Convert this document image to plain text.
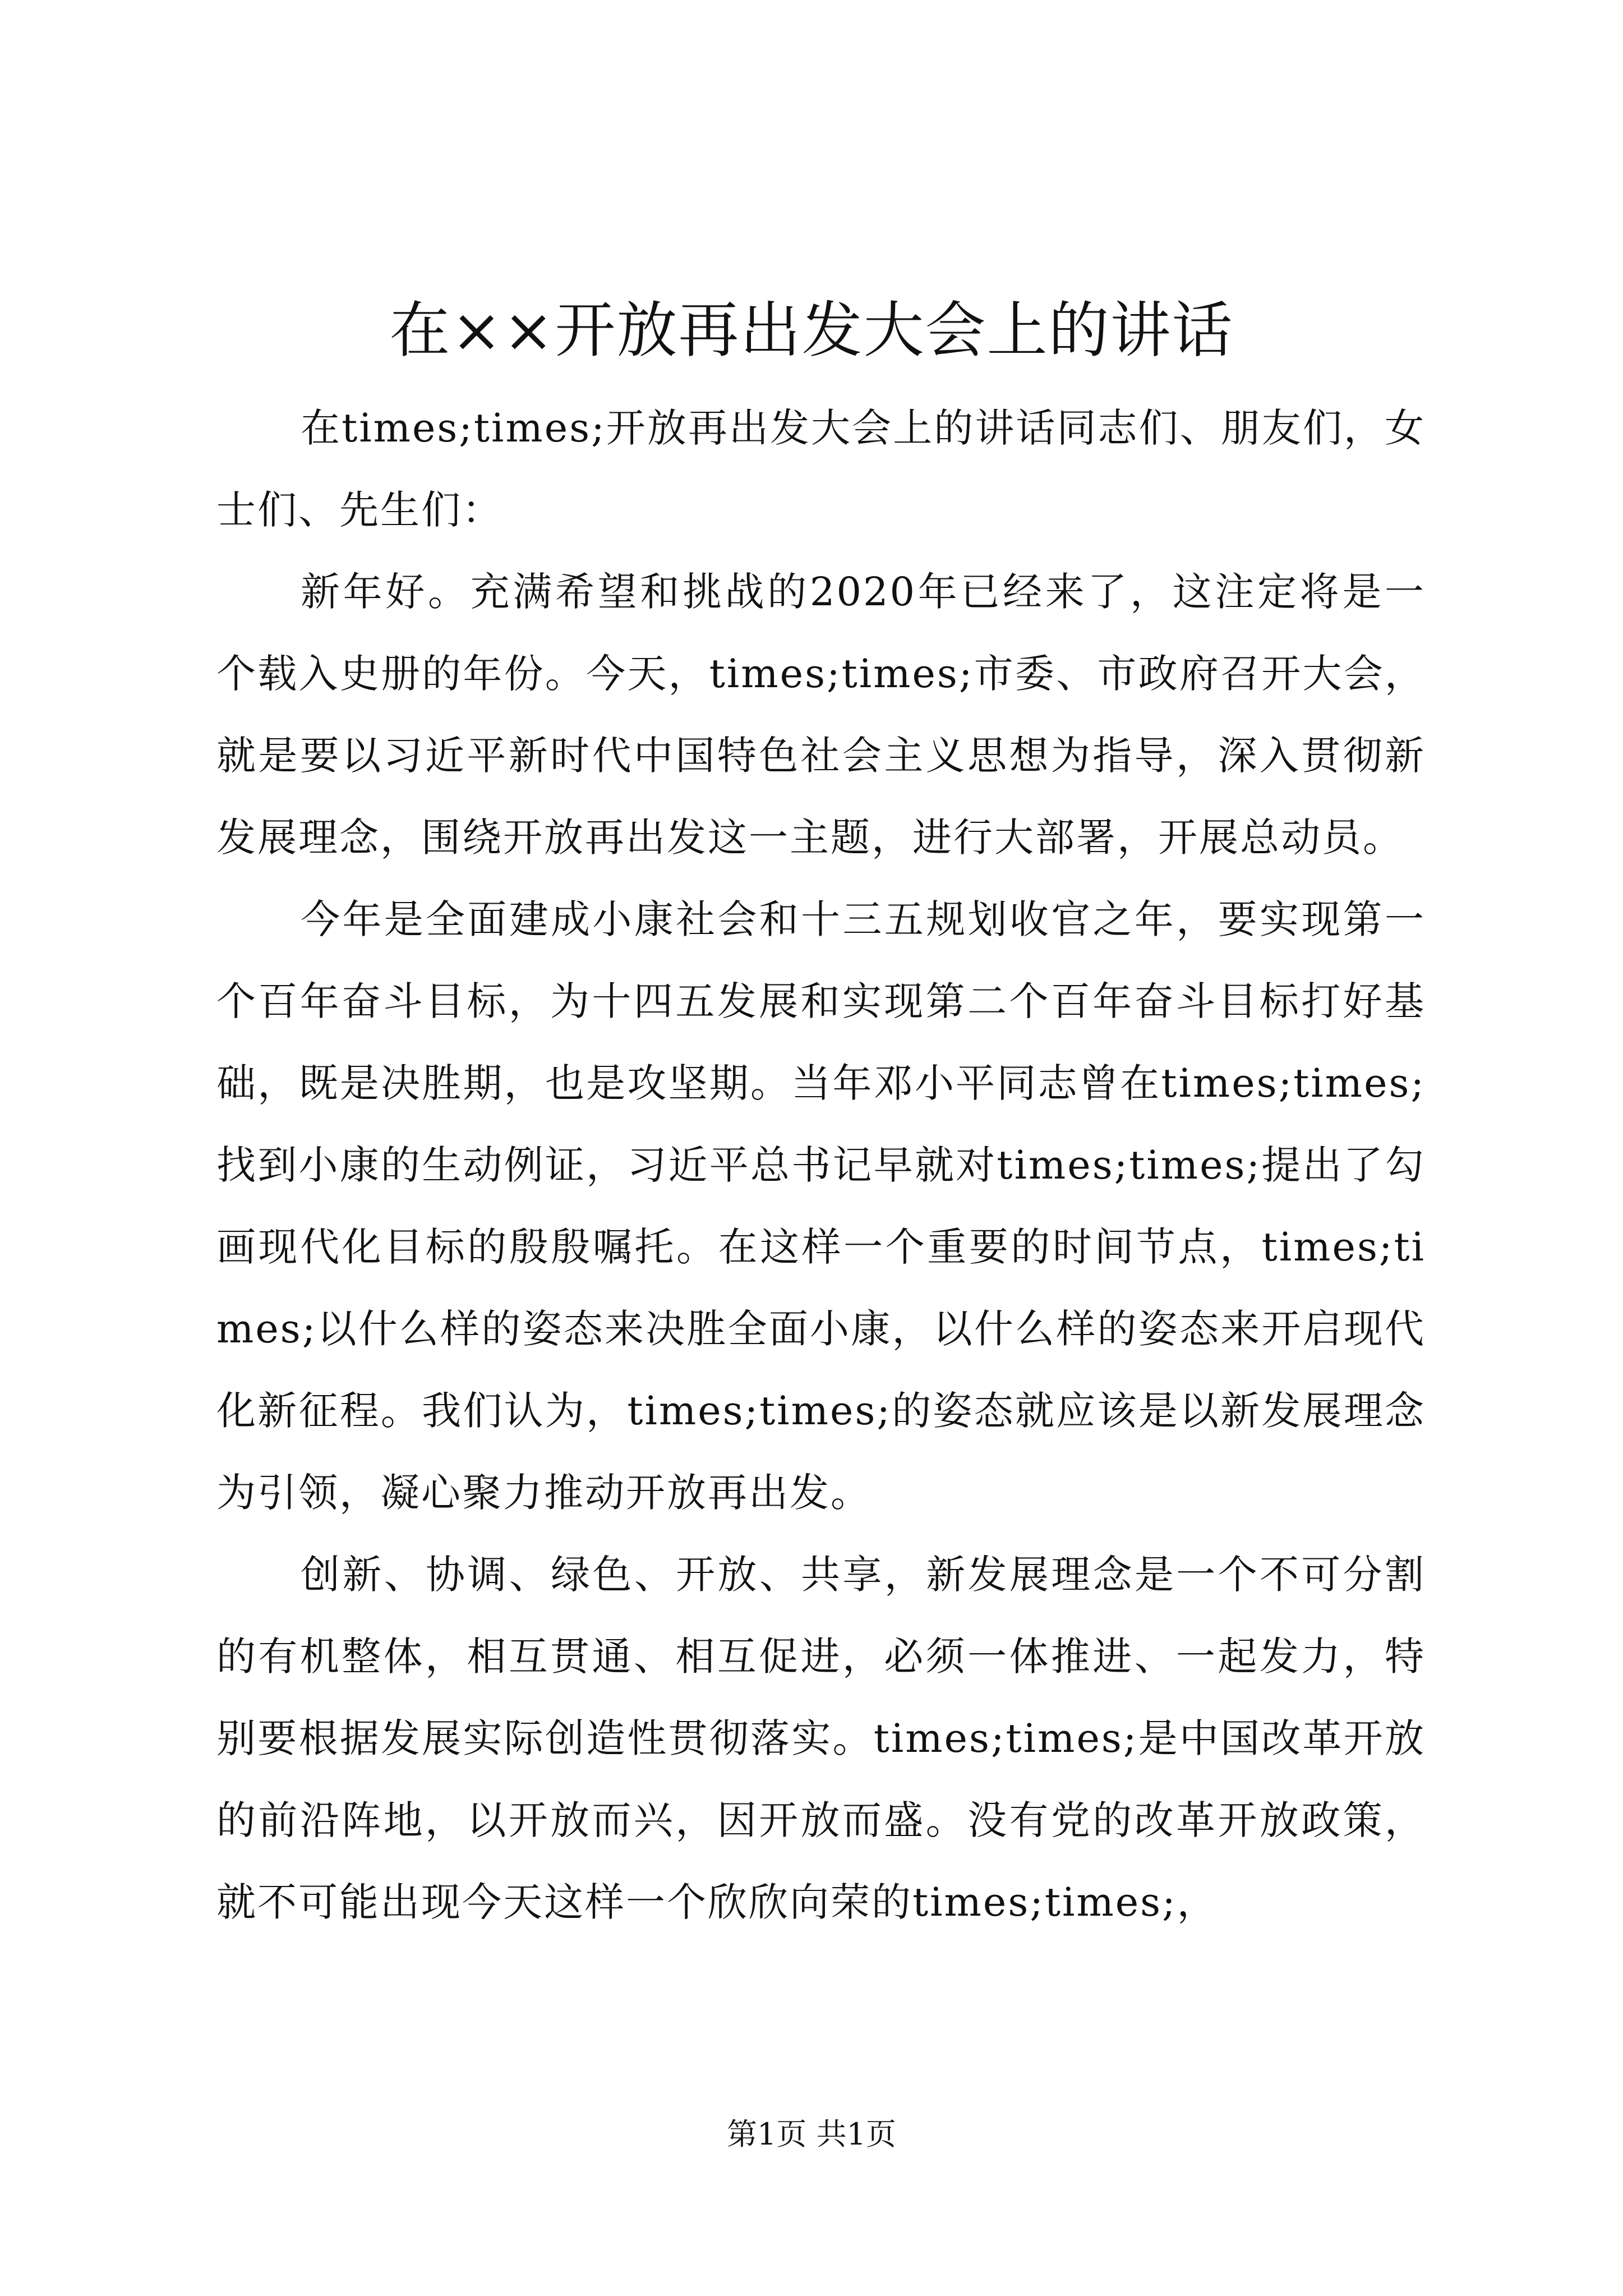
在××开放再出发大会上的讲话

在times;times;开放再出发大会上的讲话同志们、朋友们，女士们、先生们：

新年好。充满希望和挑战的2020年已经来了，这注定将是一个载入史册的年份。今天，times;times;市委、市政府召开大会，就是要以习近平新时代中国特色社会主义思想为指导，深入贯彻新发展理念，围绕开放再出发这一主题，进行大部署，开展总动员。

今年是全面建成小康社会和十三五规划收官之年，要实现第一个百年奋斗目标，为十四五发展和实现第二个百年奋斗目标打好基础，既是决胜期，也是攻坚期。当年邓小平同志曾在times;times;找到小康的生动例证，习近平总书记早就对times;times;提出了勾画现代化目标的殷殷嘱托。在这样一个重要的时间节点，times;times;以什么样的姿态来决胜全面小康，以什么样的姿态来开启现代化新征程。我们认为，times;times;的姿态就应该是以新发展理念为引领，凝心聚力推动开放再出发。

创新、协调、绿色、开放、共享，新发展理念是一个不可分割的有机整体，相互贯通、相互促进，必须一体推进、一起发力，特别要根据发展实际创造性贯彻落实。times;times;是中国改革开放的前沿阵地，以开放而兴，因开放而盛。没有党的改革开放政策，就不可能出现今天这样一个欣欣向荣的times;times;，

第1页 共1页
